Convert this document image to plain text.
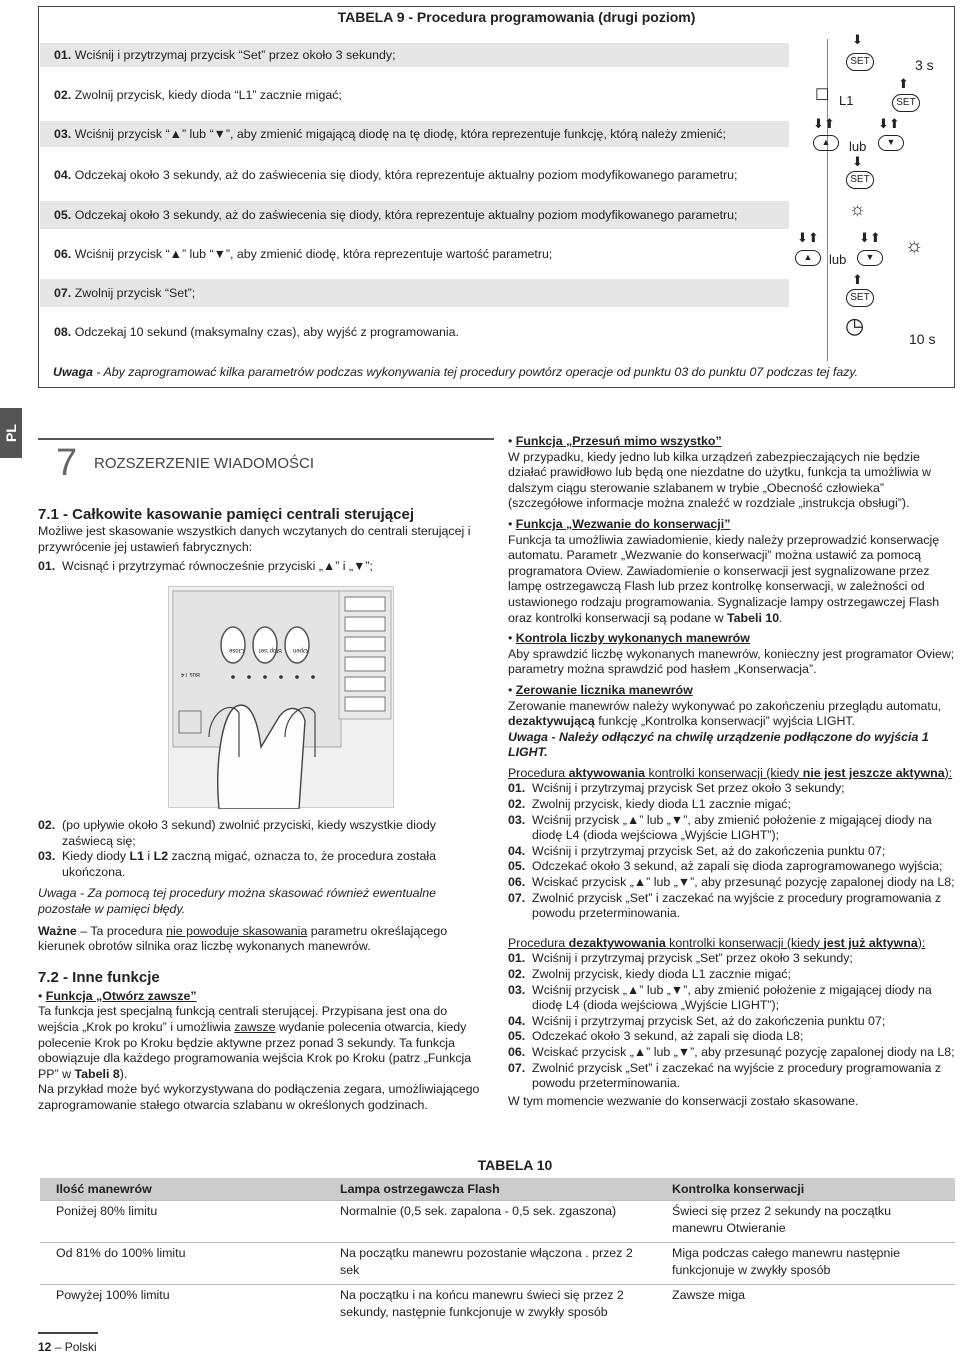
TABELA 9 - Procedura programowania (drugi poziom)
01. Wciśnij i przytrzymaj przycisk “Set” przez około 3 sekundy;
02. Zwolnij przycisk, kiedy dioda “L1” zacznie migać;
03. Wciśnij przycisk “▲” lub “▼”, aby zmienić migającą diodę na tę diodę, która reprezentuje funkcję, którą należy zmienić;
04. Odczekaj około 3 sekundy, aż do zaświecenia się diody, która reprezentuje aktualny poziom modyfikowanego parametru;
05. Odczekaj około 3 sekundy, aż do zaświecenia się diody, która reprezentuje aktualny poziom modyfikowanego parametru;
06. Wciśnij przycisk “▲” lub “▼”, aby zmienić diodę, która reprezentuje wartość parametru;
07. Zwolnij przycisk “Set”;
08. Odczekaj 10 sekund (maksymalny czas), aby wyjść z programowania.
Uwaga - Aby zaprogramować kilka parametrów podczas wykonywania tej procedury powtórz operacje od punktu 03 do punktu 07 podczas tej fazy.
⬇
SET	3 s
☐ L1
⬆
SET
⬇⬆
▲	lub
⬇⬆
▼
⬇
SET
☼
⬇⬆
▲	lub
⬇⬆
▼	☼
⬆
SET
◷
10 s
PL
7 ROZSZERZENIE WIADOMOŚCI

7.1 - Całkowite kasowanie pamięci centrali sterującej

Możliwe jest skasowanie wszystkich danych wczytanych do centrali sterującej i przywrócenie jej ustawień fabrycznych:

01. Wcisnąć i przytrzymać równocześnie przyciski „▲” i „▼”;
Close Stop Set Open
Bus T4
02. (po upływie około 3 sekund) zwolnić przyciski, kiedy wszystkie diody zaświecą się;
03. Kiedy diody L1 i L2 zaczną migać, oznacza to, że procedura została ukończona.

Uwaga - Za pomocą tej procedury można skasować również ewentualne pozostałe w pamięci błędy.

Ważne – Ta procedura nie powoduje skasowania parametru określającego kierunek obrotów silnika oraz liczbę wykonanych manewrów.

7.2 - Inne funkcje

• Funkcja „Otwórz zawsze”

Ta funkcja jest specjalną funkcją centrali sterującej. Przypisana jest ona do wejścia „Krok po kroku” i umożliwia zawsze wydanie polecenia otwarcia, kiedy polecenie Krok po Kroku będzie aktywne przez ponad 3 sekundy. Ta funkcja obowiązuje dla każdego programowania wejścia Krok po Kroku (patrz „Funkcja PP” w Tabeli 8).

Na przykład może być wykorzystywana do podłączenia zegara, umożliwiającego zaprogramowanie stałego otwarcia szlabanu w określonych godzinach.

• Funkcja „Przesuń mimo wszystko”

W przypadku, kiedy jedno lub kilka urządzeń zabezpieczających nie będzie działać prawidłowo lub będą one niezdatne do użytku, funkcja ta umożliwia w dalszym ciągu sterowanie szlabanem w trybie „Obecność człowieka” (szczegółowe informacje można znaleźć w rozdziale „instrukcja obsługi”).

• Funkcja „Wezwanie do konserwacji”

Funkcja ta umożliwia zawiadomienie, kiedy należy przeprowadzić konserwację automatu. Parametr „Wezwanie do konserwacji” można ustawić za pomocą programatora Oview. Zawiadomienie o konserwacji jest sygnalizowane przez lampę ostrzegawczą Flash lub przez kontrolkę konserwacji, w zależności od ustawionego rodzaju programowania. Sygnalizacje lampy ostrzegawczej Flash oraz kontrolki konserwacji są podane w Tabeli 10.

• Kontrola liczby wykonanych manewrów

Aby sprawdzić liczbę wykonanych manewrów, konieczny jest programator Oview; parametry można sprawdzić pod hasłem „Konserwacja”.

• Zerowanie licznika manewrów

Zerowanie manewrów należy wykonywać po zakończeniu przeglądu automatu, dezaktywującą funkcję „Kontrolka konserwacji” wyjścia LIGHT.

Uwaga - Należy odłączyć na chwilę urządzenie podłączone do wyjścia 1 LIGHT.

Procedura aktywowania kontrolki konserwacji (kiedy nie jest jeszcze aktywna):

01. Wciśnij i przytrzymaj przycisk Set przez około 3 sekundy;
02. Zwolnij przycisk, kiedy dioda L1 zacznie migać;
03. Wciśnij przycisk „▲” lub „▼”, aby zmienić położenie z migającej diody na diodę L4 (dioda wejściowa „Wyjście LIGHT”);
04. Wciśnij i przytrzymaj przycisk Set, aż do zakończenia punktu 07;
05. Odczekać około 3 sekund, aż zapali się dioda zaprogramowanego wyjścia;
06. Wciskać przycisk „▲” lub „▼”, aby przesunąć pozycję zapalonej diody na L8;
07. Zwolnić przycisk „Set” i zaczekać na wyjście z procedury programowania z powodu przeterminowania.

Procedura dezaktywowania kontrolki konserwacji (kiedy jest już aktywna):

01. Wciśnij i przytrzymaj przycisk „Set” przez około 3 sekundy;
02. Zwolnij przycisk, kiedy dioda L1 zacznie migać;
03. Wciśnij przycisk „▲” lub „▼”, aby zmienić położenie z migającej diody na diodę L4 (dioda wejściowa „Wyjście LIGHT”);
04. Wciśnij i przytrzymaj przycisk Set, aż do zakończenia punktu 07;
05. Odczekać około 3 sekund, aż zapali się dioda L8;
06. Wciskać przycisk „▲” lub „▼”, aby przesunąć pozycję zapalonej diody na L8;
07. Zwolnić przycisk „Set” i zaczekać na wyjście z procedury programowania z powodu przeterminowania.

W tym momencie wezwanie do konserwacji zostało skasowane.

TABELA 10
Ilość manewrów	Lampa ostrzegawcza Flash	Kontrolka konserwacji
Poniżej 80% limitu	Normalnie (0,5 sek. zapalona - 0,5 sek. zgaszona)	Świeci się przez 2 sekundy na początku manewru Otwieranie
Od 81% do 100% limitu	Na początku manewru pozostanie włączona . przez 2 sek	Miga podczas całego manewru następnie funkcjonuje w zwykły sposób
Powyżej 100% limitu	Na początku i na końcu manewru świeci się przez 2 sekundy, następnie funkcjonuje w zwykły sposób	Zawsze miga
12 – Polski
